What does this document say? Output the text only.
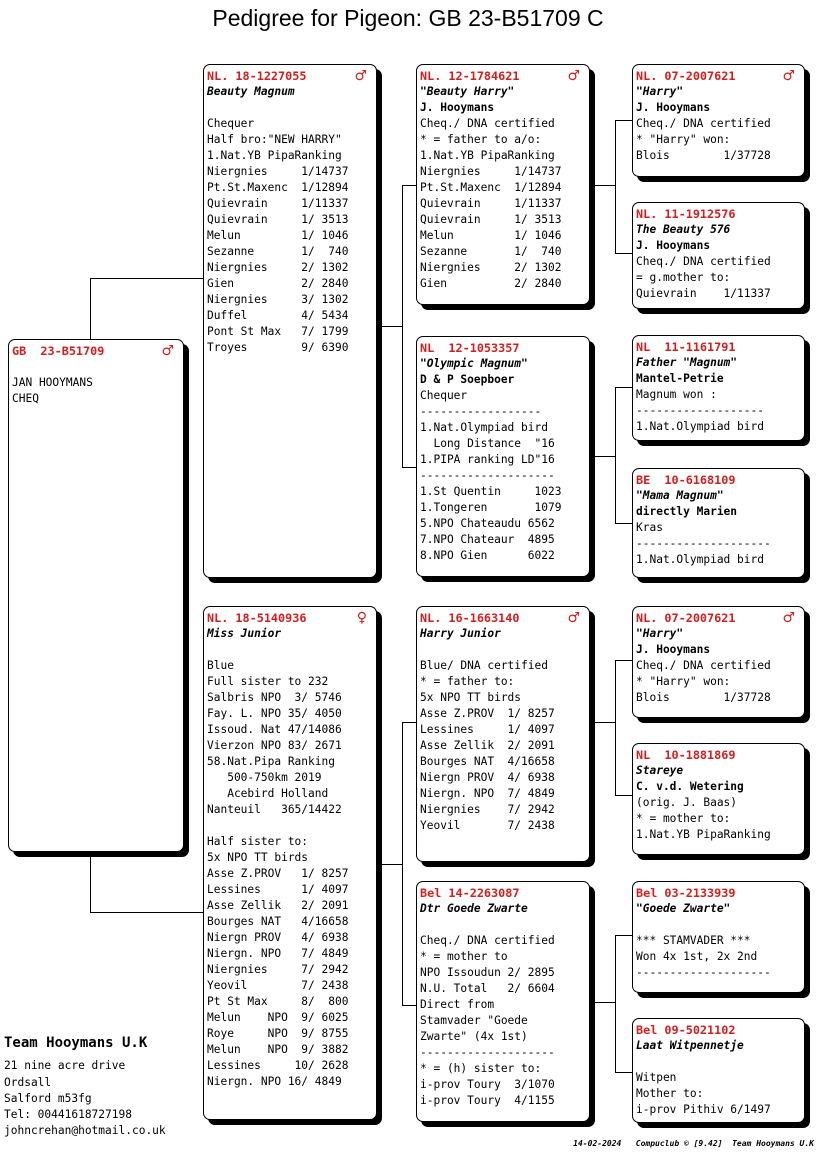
Pedigree for Pigeon: GB 23-B51709 C
GB  23-B51709	♂
JAN HOOYMANS
CHEQ
NL. 18-1227055	♂
Beauty Magnum
Chequer
Half bro:"NEW HARRY"
1.Nat.YB PipaRanking
Niergnies     1/14737
Pt.St.Maxenc  1/12894
Quievrain     1/11337
Quievrain     1/ 3513
Melun         1/ 1046
Sezanne       1/  740
Niergnies     2/ 1302
Gien          2/ 2840
Niergnies     3/ 1302
Duffel        4/ 5434
Pont St Max   7/ 1799
Troyes        9/ 6390
NL. 18-5140936	♀
Miss Junior
Blue
Full sister to 232
Salbris NPO  3/ 5746
Fay. L. NPO 35/ 4050
Issoud. Nat 47/14086
Vierzon NPO 83/ 2671
58.Nat.Pipa Ranking
500-750km 2019
Acebird Holland
Nanteuil   365/14422
Half sister to:
5x NPO TT birds
Asse Z.PROV   1/ 8257
Lessines      1/ 4097
Asse Zellik   2/ 2091
Bourges NAT   4/16658
Niergn PROV   4/ 6938
Niergn. NPO   7/ 4849
Niergnies     7/ 2942
Yeovil        7/ 2438
Pt St Max     8/  800
Melun    NPO  9/ 6025
Roye     NPO  9/ 8755
Melun    NPO  9/ 3882
Lessines     10/ 2628
Niergn. NPO 16/ 4849
NL. 12-1784621	♂
"Beauty Harry"
J. Hooymans
Cheq./ DNA certified
* = father to a/o:
1.Nat.YB PipaRanking
Niergnies     1/14737
Pt.St.Maxenc  1/12894
Quievrain     1/11337
Quievrain     1/ 3513
Melun         1/ 1046
Sezanne       1/  740
Niergnies     2/ 1302
Gien          2/ 2840
NL  12-1053357
"Olympic Magnum"
D & P Soepboer
Chequer
------------------
1.Nat.Olympiad bird
Long Distance  "16
1.PIPA ranking LD"16
--------------------
1.St Quentin     1023
1.Tongeren       1079
5.NPO Chateaudu 6562
7.NPO Chateaur  4895
8.NPO Gien      6022
NL. 16-1663140	♂
Harry Junior
Blue/ DNA certified
* = father to:
5x NPO TT birds
Asse Z.PROV  1/ 8257
Lessines     1/ 4097
Asse Zellik  2/ 2091
Bourges NAT  4/16658
Niergn PROV  4/ 6938
Niergn. NPO  7/ 4849
Niergnies    7/ 2942
Yeovil       7/ 2438
Bel 14-2263087
Dtr Goede Zwarte
Cheq./ DNA certified
* = mother to
NPO Issoudun 2/ 2895
N.U. Total   2/ 6604
Direct from
Stamvader "Goede
Zwarte" (4x 1st)
--------------------
* = (h) sister to:
i-prov Toury  3/1070
i-prov Toury  4/1155
NL. 07-2007621	♂
"Harry"
J. Hooymans
Cheq./ DNA certified
* "Harry" won:
Blois        1/37728
NL. 11-1912576
The Beauty 576
J. Hooymans
Cheq./ DNA certified
= g.mother to:
Quievrain    1/11337
NL  11-1161791
Father "Magnum"
Mantel-Petrie
Magnum won :
-------------------
1.Nat.Olympiad bird
BE  10-6168109
"Mama Magnum"
directly Marien
Kras
--------------------
1.Nat.Olympiad bird
NL. 07-2007621	♂
"Harry"
J. Hooymans
Cheq./ DNA certified
* "Harry" won:
Blois        1/37728
NL  10-1881869
Stareye
C. v.d. Wetering
(orig. J. Baas)
* = mother to:
1.Nat.YB PipaRanking
Bel 03-2133939
"Goede Zwarte"
*** STAMVADER ***
Won 4x 1st, 2x 2nd
--------------------
Bel 09-5021102
Laat Witpennetje
Witpen
Mother to:
i-prov Pithiv 6/1497
Team Hooymans U.K
21 nine acre drive
Ordsall
Salford m53fg
Tel: 00441618727198
johncrehan@hotmail.co.uk
14-02-2024   Compuclub © [9.42]  Team Hooymans U.K
